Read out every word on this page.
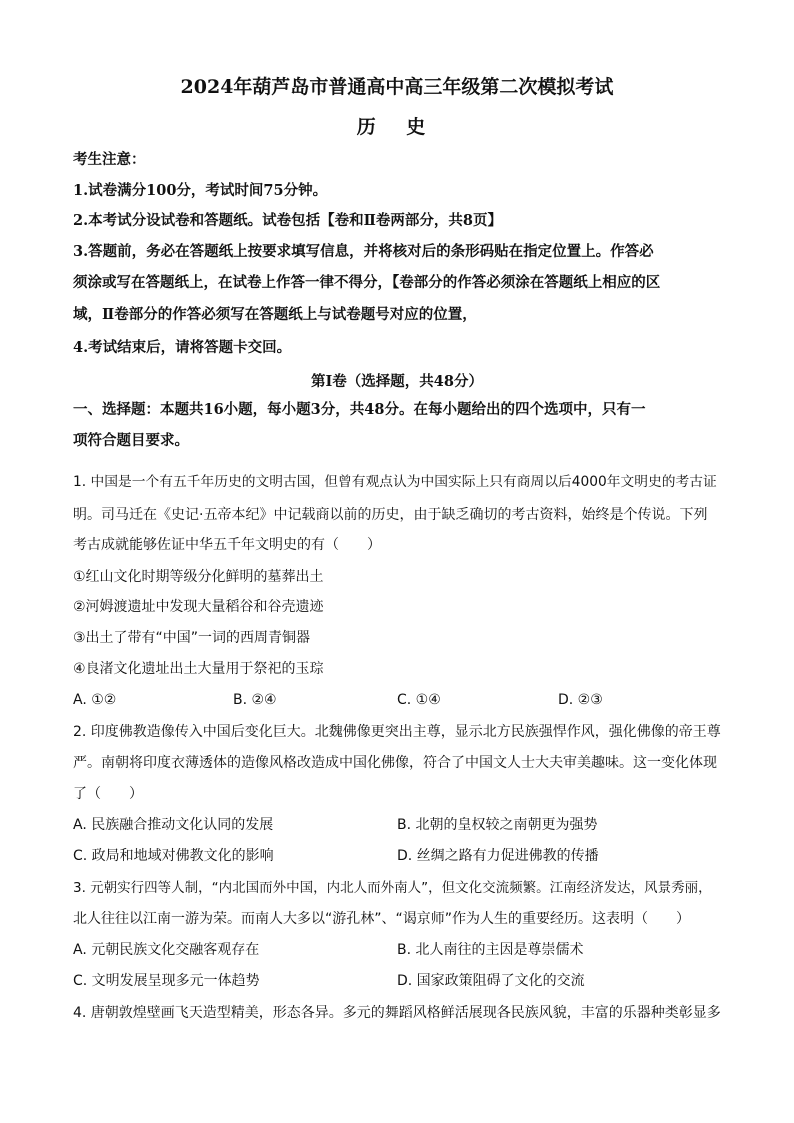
2024年葫芦岛市普通高中高三年级第二次模拟考试
历 史
考生注意：
1.试卷满分100分，考试时间75分钟。
2.本考试分设试卷和答题纸。试卷包括【卷和Ⅱ卷两部分，共8页】
3.答题前，务必在答题纸上按要求填写信息，并将核对后的条形码贴在指定位置上。作答必
须涂或写在答题纸上，在试卷上作答一律不得分，【卷部分的作答必须涂在答题纸上相应的区
域，Ⅱ卷部分的作答必须写在答题纸上与试卷题号对应的位置，
4.考试结束后，请将答题卡交回。
第Ⅰ卷（选择题，共48分）
一、选择题：本题共16小题，每小题3分，共48分。在每小题给出的四个选项中，只有一
项符合题目要求。
1. 中国是一个有五千年历史的文明古国，但曾有观点认为中国实际上只有商周以后4000年文明史的考古证
明。司马迁在《史记·五帝本纪》中记载商以前的历史，由于缺乏确切的考古资料，始终是个传说。下列
考古成就能够佐证中华五千年文明史的有（　　）
①红山文化时期等级分化鲜明的墓葬出土
②河姆渡遗址中发现大量稻谷和谷壳遗迹
③出土了带有“中国”一词的西周青铜器
④良渚文化遗址出土大量用于祭祀的玉琮
A. ①②	B. ②④	C. ①④	D. ②③
2. 印度佛教造像传入中国后变化巨大。北魏佛像更突出主尊，显示北方民族强悍作风，强化佛像的帝王尊
严。南朝将印度衣薄透体的造像风格改造成中国化佛像，符合了中国文人士大夫审美趣味。这一变化体现
了（　　）
A. 民族融合推动文化认同的发展	B. 北朝的皇权较之南朝更为强势
C. 政局和地域对佛教文化的影响	D. 丝绸之路有力促进佛教的传播
3. 元朝实行四等人制，“内北国而外中国，内北人而外南人”，但文化交流频繁。江南经济发达，风景秀丽，
北人往往以江南一游为荣。而南人大多以“游孔林”、“谒京师”作为人生的重要经历。这表明（　　）
A. 元朝民族文化交融客观存在	B. 北人南往的主因是尊崇儒术
C. 文明发展呈现多元一体趋势	D. 国家政策阻碍了文化的交流
4. 唐朝敦煌壁画飞天造型精美，形态各异。多元的舞蹈风格鲜活展现各民族风貌，丰富的乐器种类彰显多
